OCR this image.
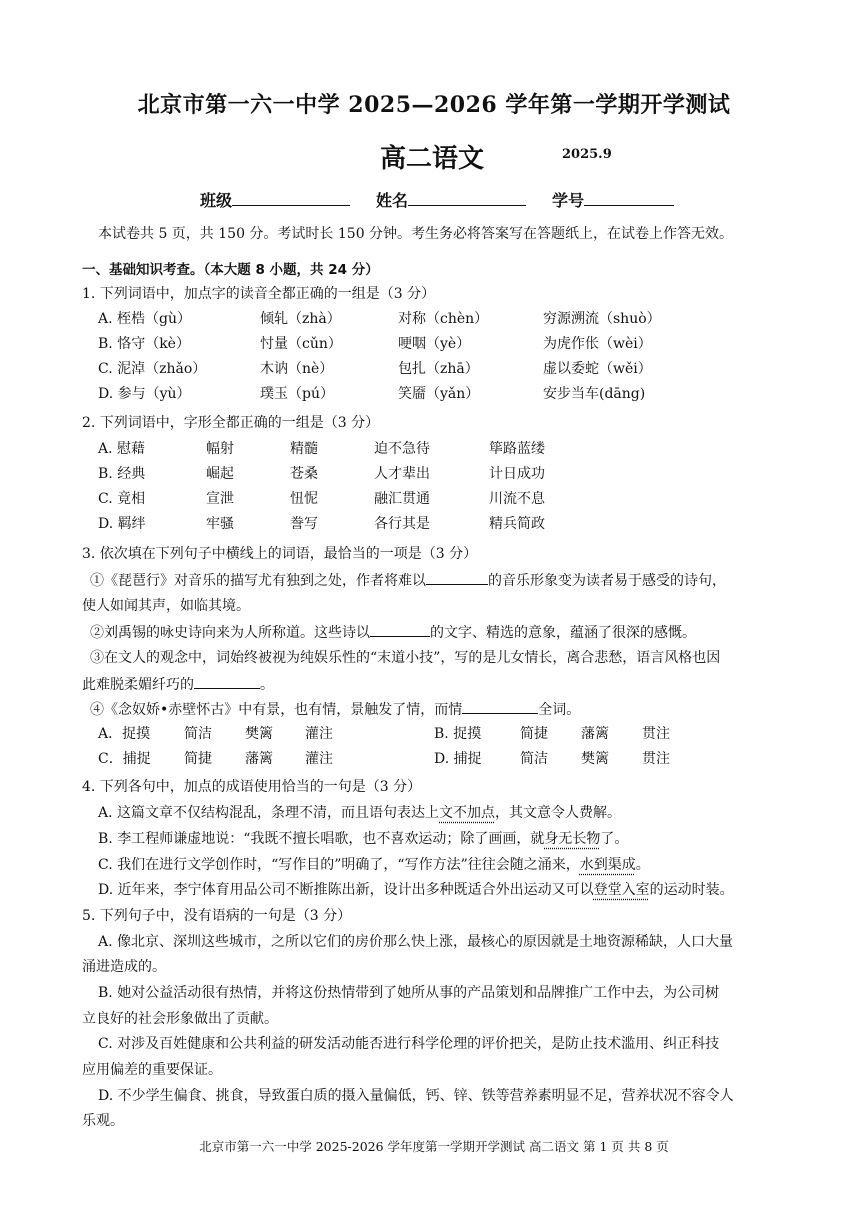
北京市第一六一中学 2025—2026 学年第一学期开学测试
高二语文	2025.9
班级	姓名	学号
本试卷共 5 页，共 150 分。考试时长 150 分钟。考生务必将答案写在答题纸上，在试卷上作答无效。
一、基础知识考查。（本大题 8 小题，共 24 分）
1. 下列词语中，加点字的读音全都正确的一组是（3 分）
A. 桎梏（gù）	倾轧（zhà）	对称（chèn）	穷源溯流（shuò）
B. 恪守（kè）	忖量（cǔn）	哽咽（yè）	为虎作伥（wèi）
C. 泥淖（zhǎo）	木讷（nè）	包扎（zhā）	虚以委蛇（wěi）
D. 参与（yù）	璞玉（pú）	笑靥（yǎn）	安步当车(dāng)
2. 下列词语中，字形全都正确的一组是（3 分）
A. 慰藉	幅射	精髓	迫不急待	筚路蓝缕
B. 经典	崛起	苍桑	人才辈出	计日成功
C. 竟相	宣泄	忸怩	融汇贯通	川流不息
D. 羁绊	牢骚	誊写	各行其是	精兵简政
3. 依次填在下列句子中横线上的词语，最恰当的一项是（3 分）
①《琵琶行》对音乐的描写尤有独到之处，作者将难以	的音乐形象变为读者易于感受的诗句，
使人如闻其声，如临其境。
②刘禹锡的咏史诗向来为人所称道。这些诗以	的文字、精选的意象，蕴涵了很深的感慨。
③在文人的观念中，词始终被视为纯娱乐性的“末道小技”，写的是儿女情长，离合悲愁，语言风格也因
此难脱柔媚纤巧的	。
④《念奴娇•赤壁怀古》中有景，也有情，景触发了情，而情	全词。
A．捉摸 简洁 樊篱 灌注	B. 捉摸	简捷 藩篱 贯注
C．捕捉 简捷 藩篱 灌注	D. 捕捉	简洁 樊篱 贯注
4. 下列各句中，加点的成语使用恰当的一句是（3 分）
A. 这篇文章不仅结构混乱，条理不清，而且语句表达上文不加点，其文意令人费解。
B. 李工程师谦虚地说：“我既不擅长唱歌，也不喜欢运动；除了画画，就身无长物了。
C. 我们在进行文学创作时，“写作目的”明确了，“写作方法”往往会随之涌来，水到渠成。
D. 近年来，李宁体育用品公司不断推陈出新，设计出多种既适合外出运动又可以登堂入室的运动时装。
5. 下列句子中，没有语病的一句是（3 分）
A. 像北京、深圳这些城市，之所以它们的房价那么快上涨，最核心的原因就是土地资源稀缺，人口大量
涌进造成的。
B. 她对公益活动很有热情，并将这份热情带到了她所从事的产品策划和品牌推广工作中去，为公司树
立良好的社会形象做出了贡献。
C. 对涉及百姓健康和公共利益的研发活动能否进行科学伦理的评价把关，是防止技术滥用、纠正科技
应用偏差的重要保证。
D. 不少学生偏食、挑食，导致蛋白质的摄入量偏低，钙、锌、铁等营养素明显不足，营养状况不容令人
乐观。
北京市第一六一中学 2025-2026 学年度第一学期开学测试 高二语文 第 1 页 共 8 页
